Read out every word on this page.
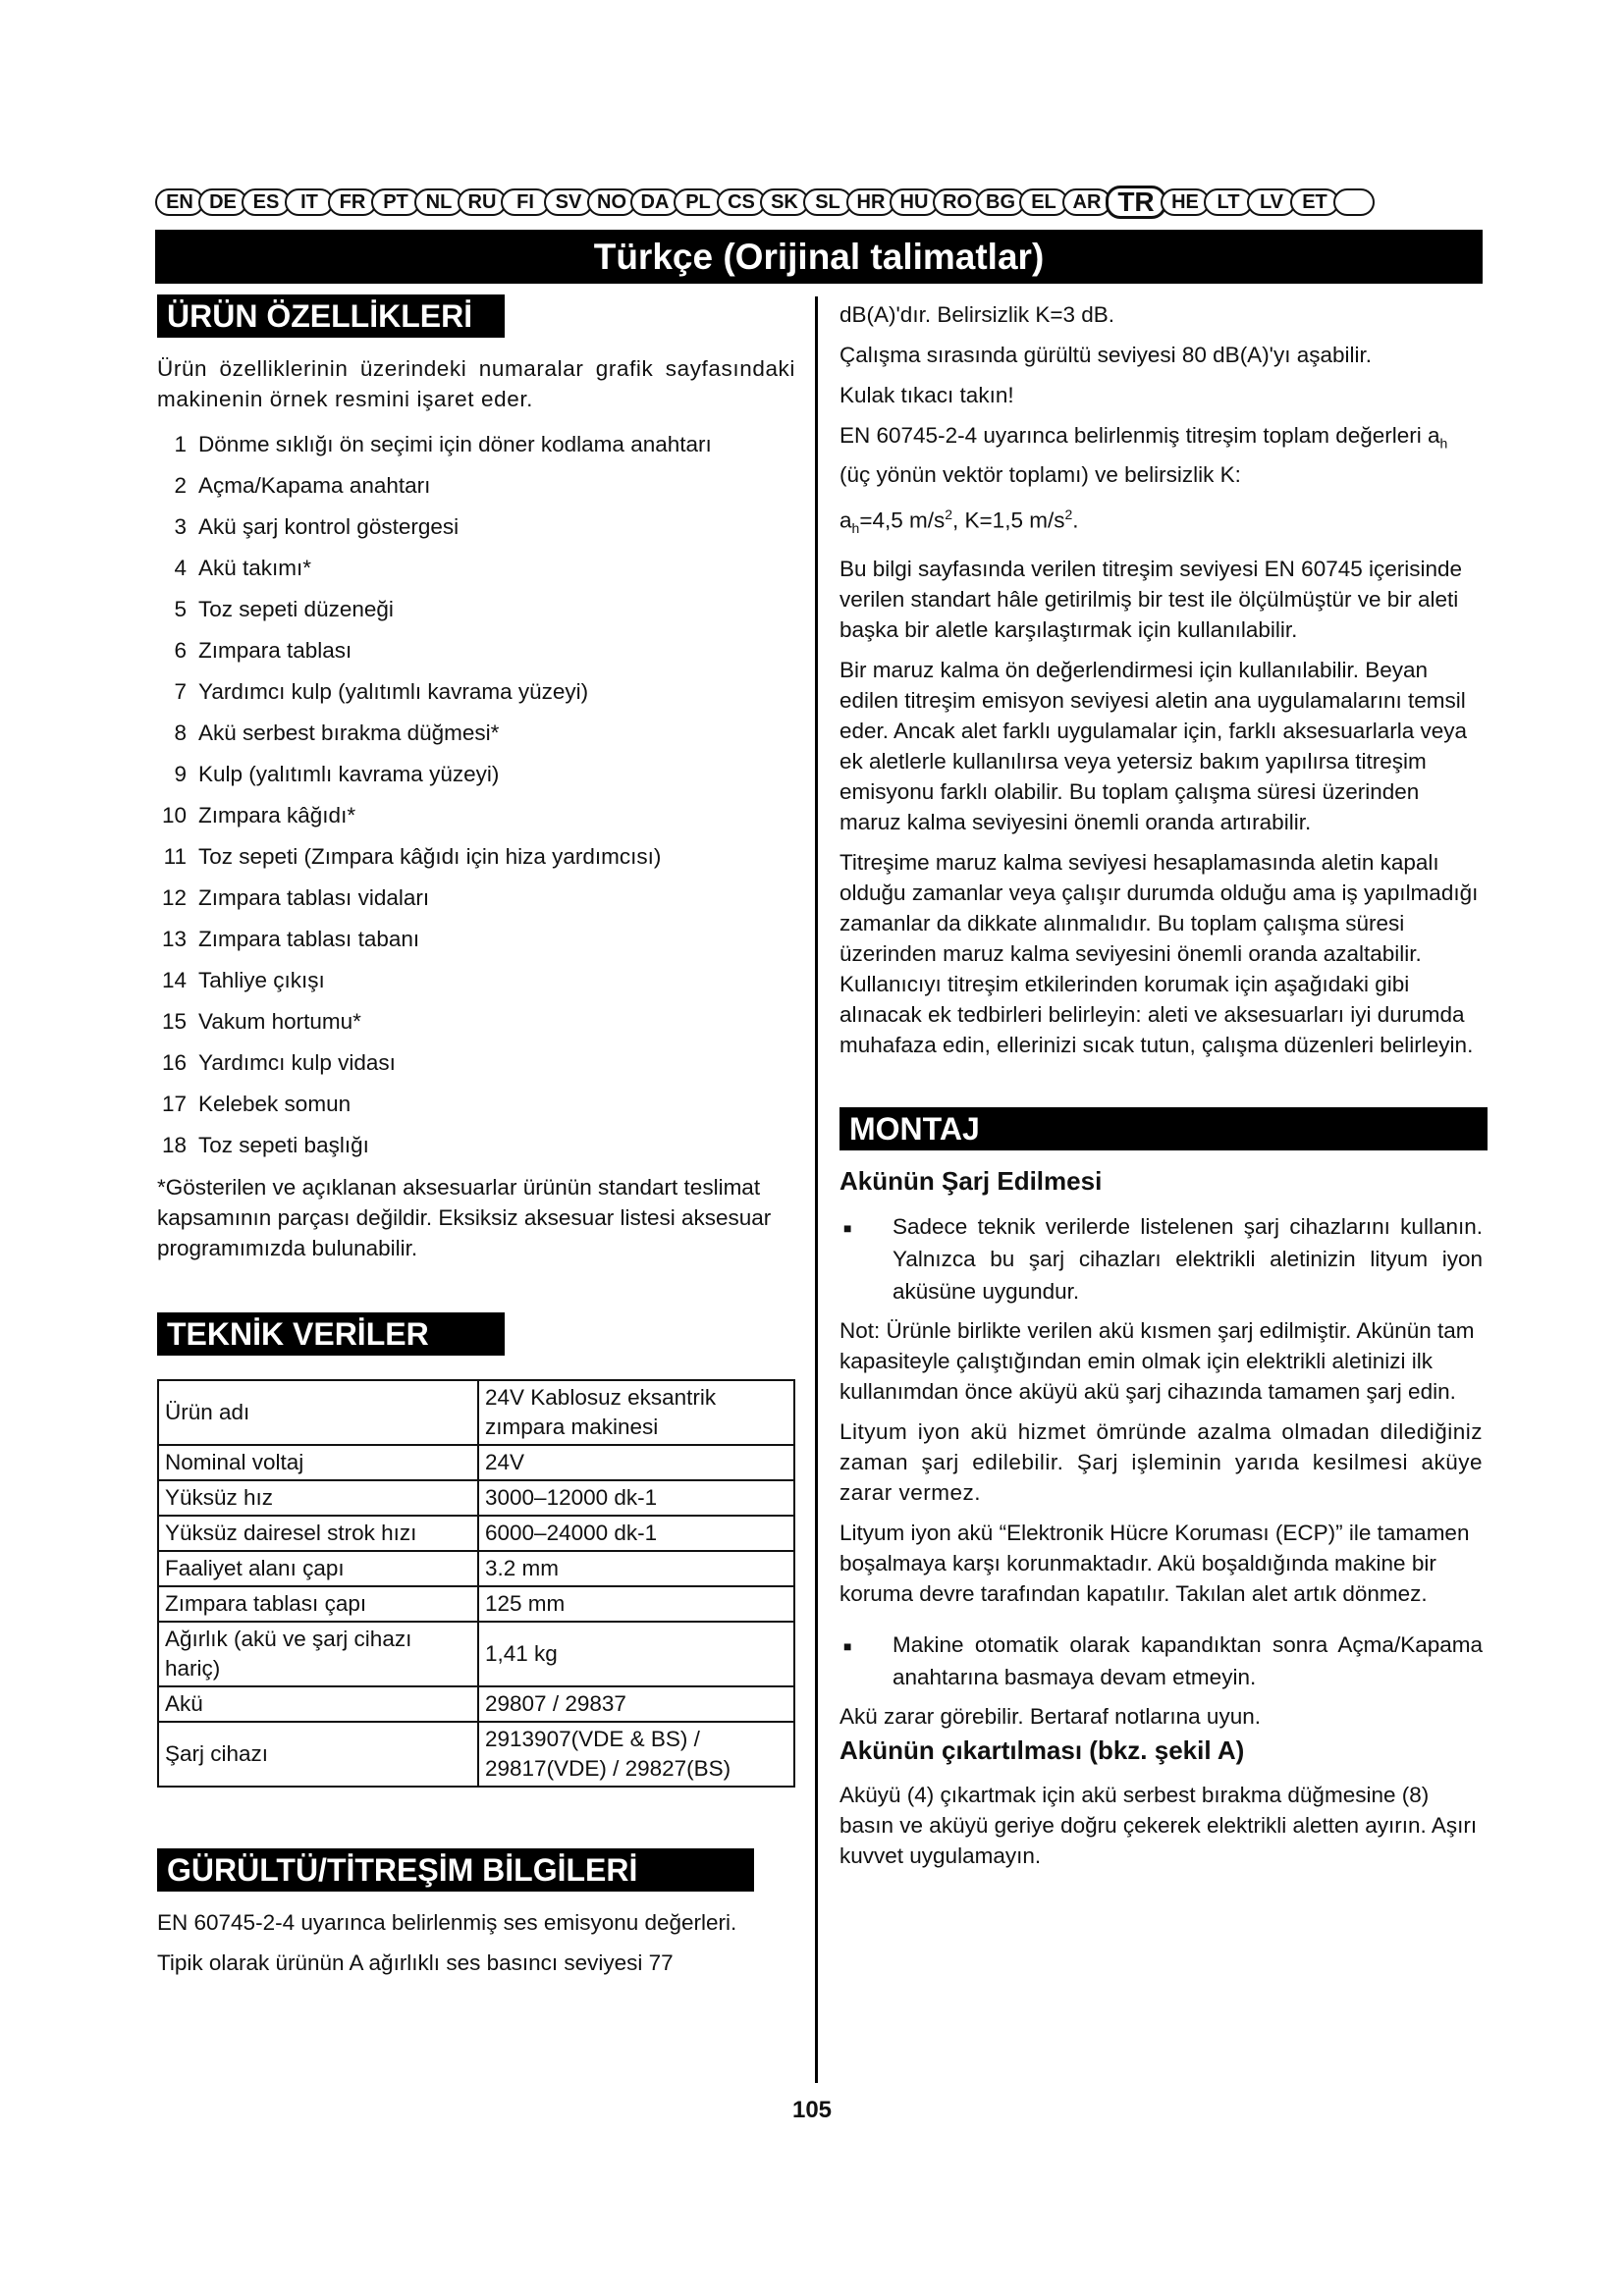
EN DE ES	IT	FR PT NL RU	FI	SV NO DA PL CS SK SL HR HU RO BG EL AR TR HE LT	LV ET
Türkçe (Orijinal talimatlar)
ÜRÜN ÖZELLİKLERİ

Ürün özelliklerinin üzerindeki numaralar grafik sayfasındaki makinenin örnek resmini işaret eder.

1 Dönme sıklığı ön seçimi için döner kodlama anahtarı
2 Açma/Kapama anahtarı
3 Akü şarj kontrol göstergesi
4 Akü takımı*
5 Toz sepeti düzeneği
6 Zımpara tablası
7 Yardımcı kulp (yalıtımlı kavrama yüzeyi)
8 Akü serbest bırakma düğmesi*
9 Kulp (yalıtımlı kavrama yüzeyi)
10 Zımpara kâğıdı*
11 Toz sepeti (Zımpara kâğıdı için hiza yardımcısı)
12 Zımpara tablası vidaları
13 Zımpara tablası tabanı
14 Tahliye çıkışı
15 Vakum hortumu*
16 Yardımcı kulp vidası
17 Kelebek somun
18 Toz sepeti başlığı

*Gösterilen ve açıklanan aksesuarlar ürünün standart teslimat kapsamının parçası değildir. Eksiksiz aksesuar listesi aksesuar programımızda bulunabilir.

TEKNİK VERİLER
Ürün adı	24V Kablosuz eksantrik zımpara makinesi
Nominal voltaj	24V
Yüksüz hız	3000–12000 dk-1
Yüksüz dairesel strok hızı	6000–24000 dk-1
Faaliyet alanı çapı	3.2 mm
Zımpara tablası çapı	125 mm
Ağırlık (akü ve şarj cihazı hariç)	1,41 kg
Akü	29807 / 29837
Şarj cihazı	2913907(VDE & BS) / 29817(VDE) / 29827(BS)
GÜRÜLTÜ/TİTREŞİM BİLGİLERİ

EN 60745-2-4 uyarınca belirlenmiş ses emisyonu değerleri.

Tipik olarak ürünün A ağırlıklı ses basıncı seviyesi 77

dB(A)'dır. Belirsizlik K=3 dB.

Çalışma sırasında gürültü seviyesi 80 dB(A)'yı aşabilir.

Kulak tıkacı takın!

EN 60745-2-4 uyarınca belirlenmiş titreşim toplam değerleri $a_h$ (üç yönün vektör toplamı) ve belirsizlik K:

$a_h=4,5$ $m/s^2$, K=1,5 $m/s^2$.

Bu bilgi sayfasında verilen titreşim seviyesi EN 60745 içerisinde verilen standart hâle getirilmiş bir test ile ölçülmüştür ve bir aleti başka bir aletle karşılaştırmak için kullanılabilir.

Bir maruz kalma ön değerlendirmesi için kullanılabilir. Beyan edilen titreşim emisyon seviyesi aletin ana uygulamalarını temsil eder. Ancak alet farklı uygulamalar için, farklı aksesuarlarla veya ek aletlerle kullanılırsa veya yetersiz bakım yapılırsa titreşim emisyonu farklı olabilir. Bu toplam çalışma süresi üzerinden maruz kalma seviyesini önemli oranda artırabilir.

Titreşime maruz kalma seviyesi hesaplamasında aletin kapalı olduğu zamanlar veya çalışır durumda olduğu ama iş yapılmadığı zamanlar da dikkate alınmalıdır. Bu toplam çalışma süresi üzerinden maruz kalma seviyesini önemli oranda azaltabilir. Kullanıcıyı titreşim etkilerinden korumak için aşağıdaki gibi alınacak ek tedbirleri belirleyin: aleti ve aksesuarları iyi durumda muhafaza edin, ellerinizi sıcak tutun, çalışma düzenleri belirleyin.

MONTAJ
Akünün Şarj Edilmesi
■	Sadece teknik verilerde listelenen şarj cihazlarını kullanın. Yalnızca bu şarj cihazları elektrikli aletinizin lityum iyon aküsüne uygundur.

Not: Ürünle birlikte verilen akü kısmen şarj edilmiştir. Akünün tam kapasiteyle çalıştığından emin olmak için elektrikli aletinizi ilk kullanımdan önce aküyü akü şarj cihazında tamamen şarj edin.

Lityum iyon akü hizmet ömründe azalma olmadan dilediğiniz zaman şarj edilebilir. Şarj işleminin yarıda kesilmesi aküye zarar vermez.

Lityum iyon akü “Elektronik Hücre Koruması (ECP)” ile tamamen boşalmaya karşı korunmaktadır. Akü boşaldığında makine bir koruma devre tarafından kapatılır. Takılan alet artık dönmez.

■	Makine otomatik olarak kapandıktan sonra Açma/Kapama anahtarına basmaya devam etmeyin.

Akü zarar görebilir. Bertaraf notlarına uyun.

Akünün çıkartılması (bkz. şekil A)

Aküyü (4) çıkartmak için akü serbest bırakma düğmesine (8) basın ve aküyü geriye doğru çekerek elektrikli aletten ayırın. Aşırı kuvvet uygulamayın.

105
